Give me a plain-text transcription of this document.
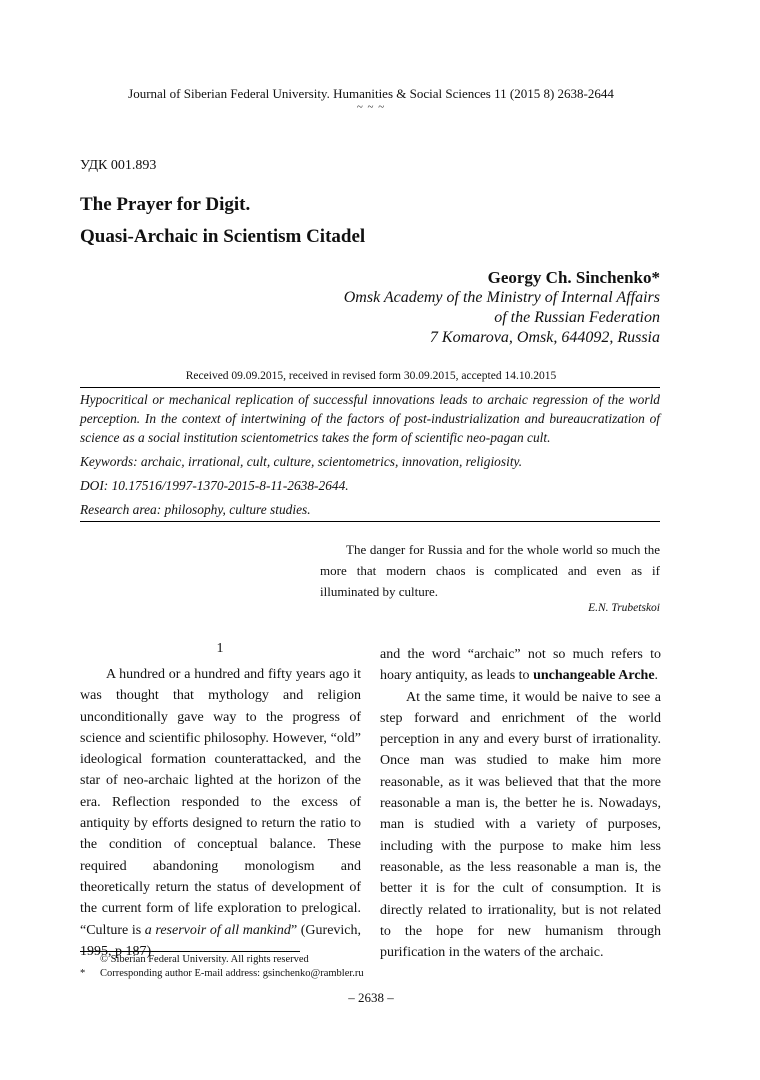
Journal of Siberian Federal University. Humanities & Social Sciences 11 (2015 8) 2638-2644
~ ~ ~
УДК 001.893
The Prayer for Digit.
Quasi-Archaic in Scientism Citadel
Georgy Ch. Sinchenko*
Omsk Academy of the Ministry of Internal Affairs
of the Russian Federation
7 Komarova, Omsk, 644092, Russia
Received 09.09.2015, received in revised form 30.09.2015, accepted 14.10.2015
Hypocritical or mechanical replication of successful innovations leads to archaic regression of the world perception. In the context of intertwining of the factors of post-industrialization and bureaucratization of science as a social institution scientometrics takes the form of scientific neo-pagan cult.
Keywords: archaic, irrational, cult, culture, scientometrics, innovation, religiosity.
DOI: 10.17516/1997-1370-2015-8-11-2638-2644.
Research area: philosophy, culture studies.
The danger for Russia and for the whole world so much the more that modern chaos is complicated and even as if illuminated by culture.
E.N. Trubetskoi
1

A hundred or a hundred and fifty years ago it was thought that mythology and religion unconditionally gave way to the progress of science and scientific philosophy. However, “old” ideological formation counterattacked, and the star of neo-archaic lighted at the horizon of the era. Reflection responded to the excess of antiquity by efforts designed to return the ratio to the condition of conceptual balance. These required abandoning monologism and theoretically return the status of development of the current form of life exploration to prelogical. “Culture is a reservoir of all mankind” (Gurevich, 1995, p 187)

and the word “archaic” not so much refers to hoary antiquity, as leads to unchangeable Arche.

At the same time, it would be naive to see a step forward and enrichment of the world perception in any and every burst of irrationality. Once man was studied to make him more reasonable, as it was believed that that the more reasonable a man is, the better he is. Nowadays, man is studied with a variety of purposes, including with the purpose to make him less reasonable, as the less reasonable a man is, the better it is for the cult of consumption. It is directly related to irrationality, but is not related to the hope for new humanism through purification in the waters of the archaic.

© Siberian Federal University. All rights reserved
* Corresponding author E-mail address: gsinchenko@rambler.ru
– 2638 –
